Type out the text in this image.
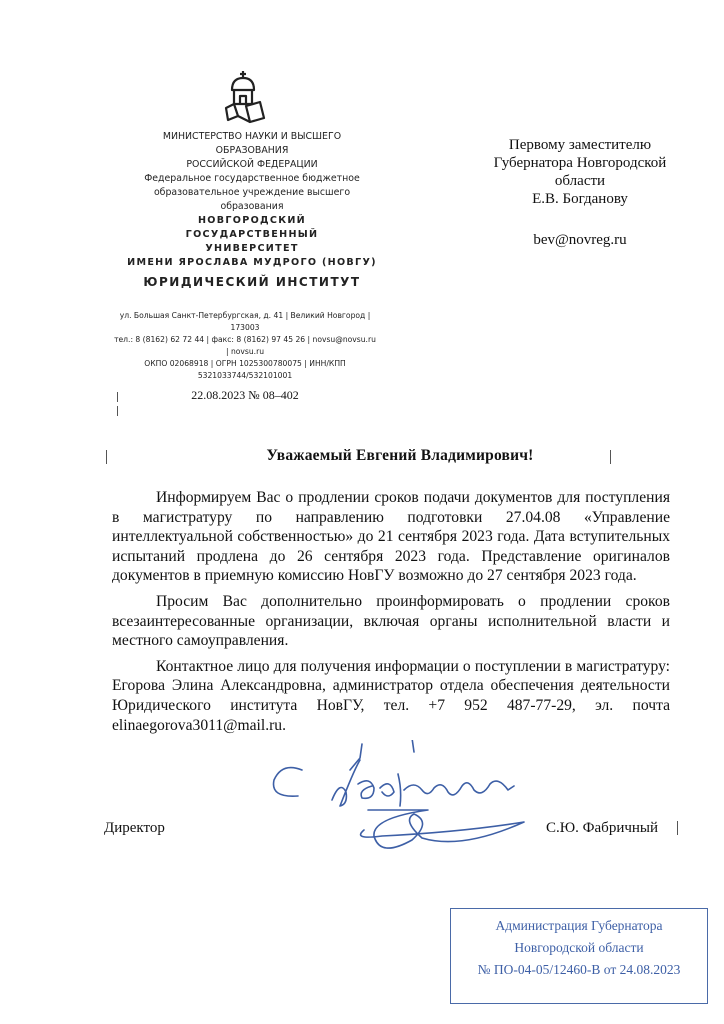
МИНИСТЕРСТВО НАУКИ И ВЫСШЕГО
ОБРАЗОВАНИЯ
РОССИЙСКОЙ ФЕДЕРАЦИИ
Федеральное государственное бюджетное
образовательное учреждение высшего
образования
НОВГОРОДСКИЙ
ГОСУДАРСТВЕННЫЙ
УНИВЕРСИТЕТ
ИМЕНИ ЯРОСЛАВА МУДРОГО (НОВГУ)
ЮРИДИЧЕСКИЙ ИНСТИТУТ
ул. Большая Санкт-Петербургская, д. 41 | Великий Новгород |
173003
тел.: 8 (8162) 62 72 44 | факс: 8 (8162) 97 45 26 | novsu@novsu.ru
| novsu.ru
ОКПО 02068918 | ОГРН 1025300780075 | ИНН/КПП
5321033744/532101001
22.08.2023 № 08–402
Первому заместителю
Губернатора Новгородской
области
Е.В. Богданову
bev@novreg.ru
Уважаемый Евгений Владимирович!

Информируем Вас о продлении сроков подачи документов для поступления в магистратуру по направлению подготовки 27.04.08 «Управление интеллектуальной собственностью» до 21 сентября 2023 года. Дата вступительных испытаний продлена до 26 сентября 2023 года. Представление оригиналов документов в приемную комиссию НовГУ возможно до 27 сентября 2023 года.

Просим Вас дополнительно проинформировать о продлении сроков всезаинтересованные организации, включая органы исполнительной власти и местного самоуправления.

Контактное лицо для получения информации о поступлении в магистратуру: Егорова Элина Александровна, администратор отдела обеспечения деятельности Юридического института НовГУ, тел. +7 952 487-77-29, эл. почта elinaegorova3011@mail.ru.

Директор	С.Ю. Фабричный
Администрация Губернатора
Новгородской области
№ ПО-04-05/12460-В от 24.08.2023
